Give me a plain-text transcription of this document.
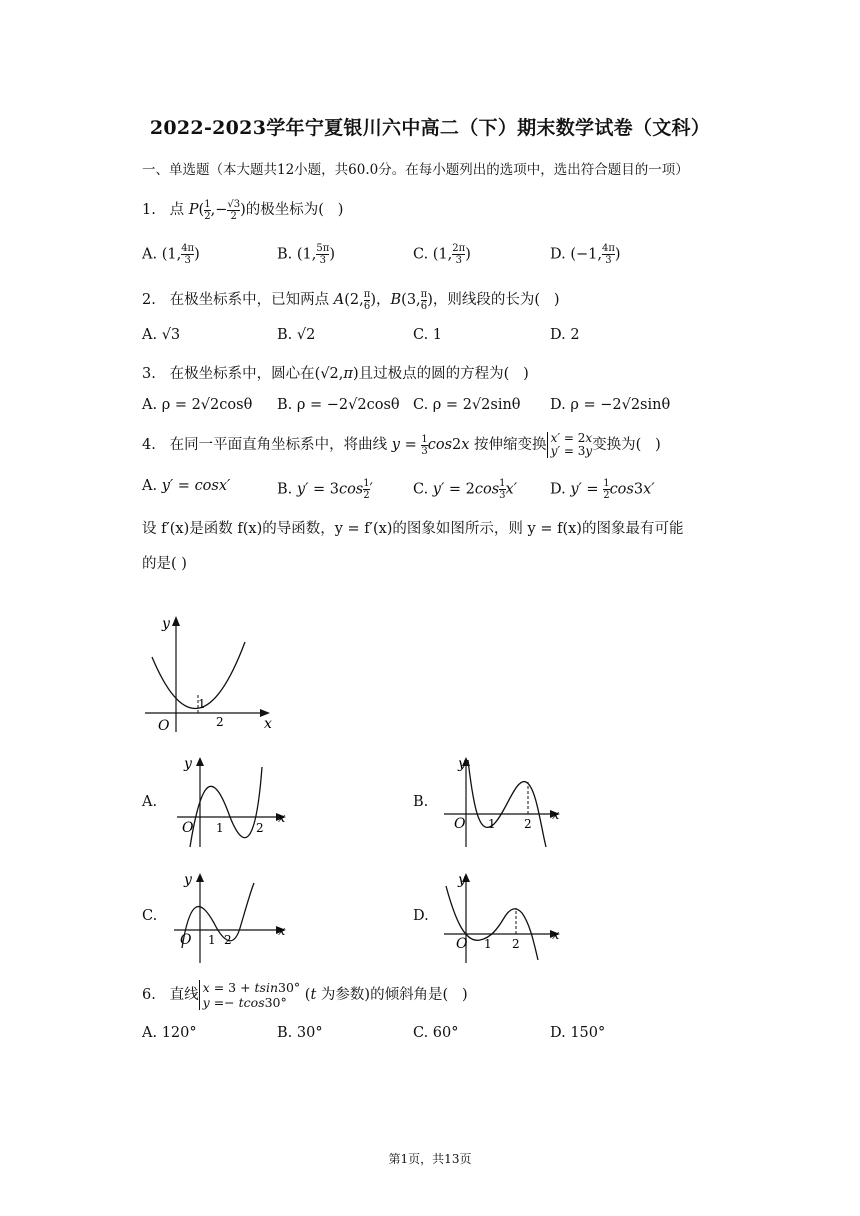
2022-2023学年宁夏银川六中高二（下）期末数学试卷（文科）
一、单选题（本大题共12小题，共60.0分。在每小题列出的选项中，选出符合题目的一项）
1.   点 $P( \frac{1}{2}$ ,− $\frac{√3}{2}$ )的极坐标为(   )
A. (1, $\frac{4\pi}{3}$ )	B. (1, $\frac{5\pi}{3}$ )	C. (1, $\frac{2\pi}{3}$ )	D. (−1, $\frac{4\pi}{3}$ )
2.   在极坐标系中，已知两点 A(2, $\frac{\pi}{6}$ )，B(3, $\frac{\pi}{6}$ )，则线段的长为(   )
A. √3	B. √2	C. 1	D. 2
3.   在极坐标系中，圆心在(√2,π)且过极点的圆的方程为(   )
A. ρ = 2√2cosθ B. ρ = −2√2cosθ C. ρ = 2√2sinθ D. ρ = −2√2sinθ
4.   在同一平面直角坐标系中，将曲线 $y = \frac{1}{3} \cos 2x$ 按伸缩变换 x′ = 2x
y′ = 3y 变换为(   )
A. y′ = cosx′	B. $y' = 3\cos \frac{1}{2}$ ′	C. $y' = 2\cos \frac{1}{3} x'$ D. $y' = \frac{1}{2} \cos 3x'$
设 f′(x)是函数 f(x)的导函数，y = f′(x)的图象如图所示，则 y = f(x)的图象最有可能
的是( )
y
x
O
1
2
A.
y
x
O 1	2
B.
y
x
O 1 2
C.
y
x
O 1 2
D.
y
x
O 1 2
6.   直线 x = 3 + tsin30°
y =− tcos30° (t 为参数)的倾斜角是(   )
A. 120°	B. 30°	C. 60°	D. 150°
第1页，共13页
